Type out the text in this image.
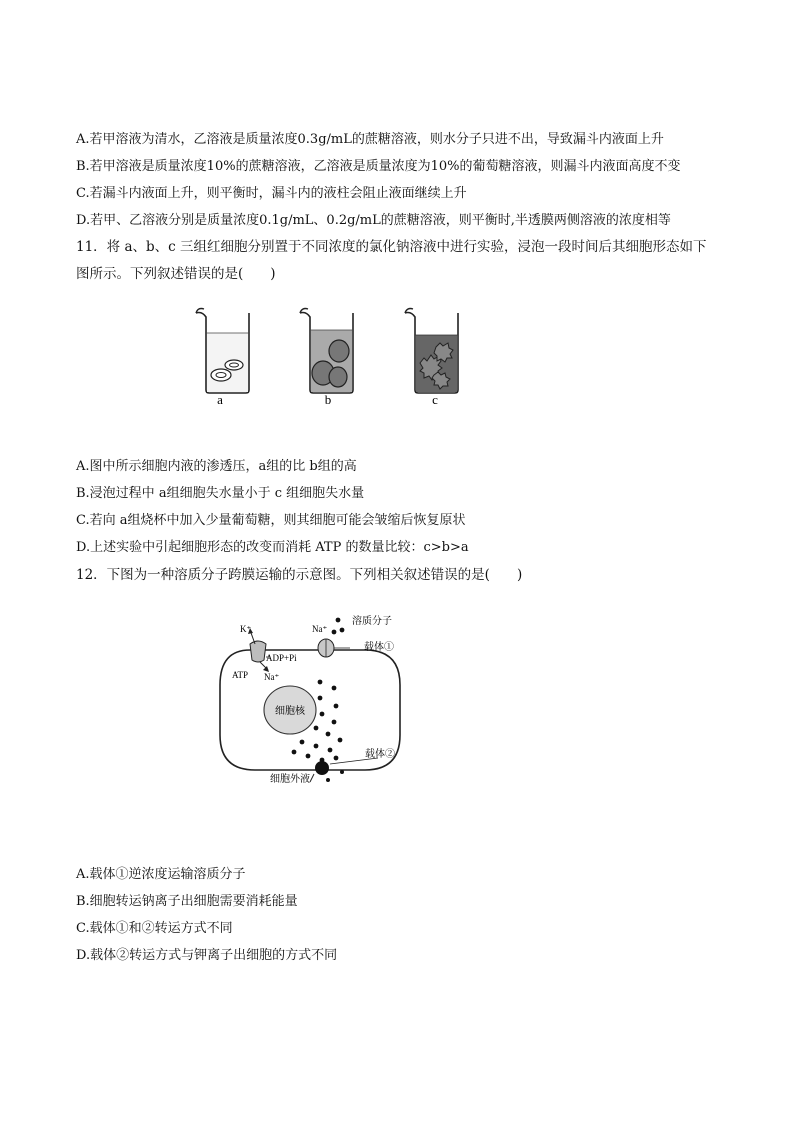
A.若甲溶液为清水，乙溶液是质量浓度0.3g/mL的蔗糖溶液，则水分子只进不出，导致漏斗内液面上升
B.若甲溶液是质量浓度10%的蔗糖溶液，乙溶液是质量浓度为10%的葡萄糖溶液，则漏斗内液面高度不变
C.若漏斗内液面上升，则平衡时，漏斗内的液柱会阻止液面继续上升
D.若甲、乙溶液分别是质量浓度0.1g/mL、0.2g/mL的蔗糖溶液，则平衡时,半透膜两侧溶液的浓度相等
11．将 a、b、c 三组红细胞分别置于不同浓度的氯化钠溶液中进行实验，浸泡一段时间后其细胞形态如下
图所示。下列叙述错误的是(　　)
a	b	c
A.图中所示细胞内液的渗透压，a组的比 b组的高
B.浸泡过程中 a组细胞失水量小于 c 组细胞失水量
C.若向 a组烧杯中加入少量葡萄糖，则其细胞可能会皱缩后恢复原状
D.上述实验中引起细胞形态的改变而消耗 ATP 的数量比较：c>b>a
12．下图为一种溶质分子跨膜运输的示意图。下列相关叙述错误的是(　　)
细胞核
K⁺
ADP+Pi
ATP Na⁺
Na⁺
载体①
溶质分子
载体②
细胞外液
A.载体①逆浓度运输溶质分子
B.细胞转运钠离子出细胞需要消耗能量
C.载体①和②转运方式不同
D.载体②转运方式与钾离子出细胞的方式不同
